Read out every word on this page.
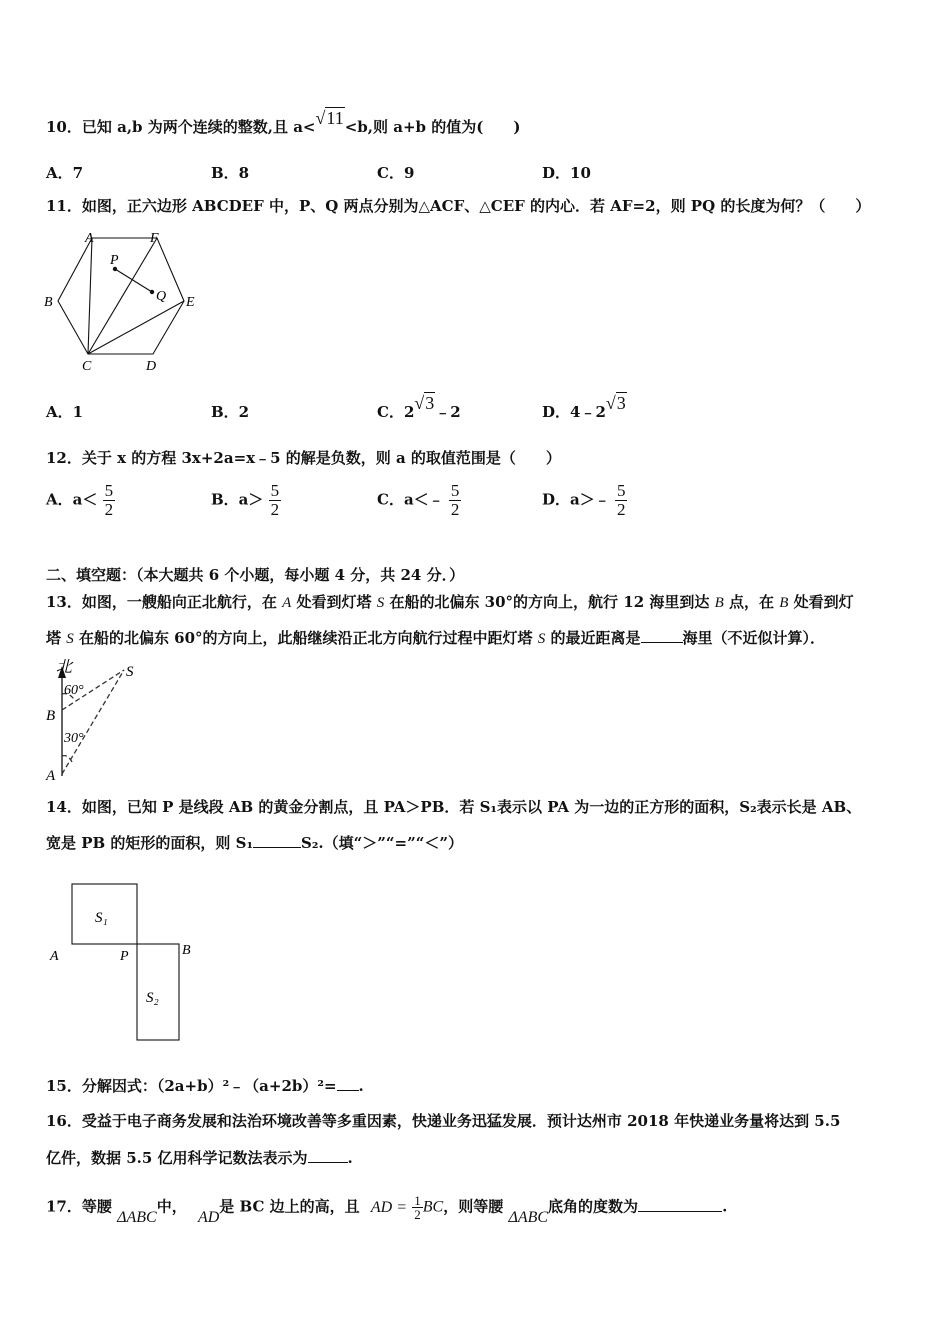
10．已知 a,b 为两个连续的整数,且 a<√11<b,则 a+b 的值为(　　)
A．7	B．8	C．9	D．10
11．如图，正六边形 ABCDEF 中，P、Q 两点分别为△ACF、△CEF 的内心．若 AF=2，则 PQ 的长度为何？（　　）
A	F
P
Q
B	E
C	D
A．1	B．2	C．2√3﹣2	D．4﹣2√3
12．关于 x 的方程 3x+2a=x﹣5 的解是负数，则 a 的取值范围是（　　）
A．$a< \frac{5}{2}$	B．$a> \frac{5}{2}$	C．a＜﹣ $\frac{5}{2}$	D．a＞﹣ $\frac{5}{2}$
二、填空题：（本大题共 6 个小题，每小题 4 分，共 24 分．）
13．如图，一艘船向正北航行，在 A 处看到灯塔 S 在船的北偏东 30°的方向上，航行 12 海里到达 B 点，在 B 处看到灯
塔 S 在船的北偏东 60°的方向上，此船继续沿正北方向航行过程中距灯塔 S 的最近距离是	海里（不近似计算）．
北
60°
S
B
30°
A
14．如图，已知 P 是线段 AB 的黄金分割点，且 PA＞PB．若 S₁表示以 PA 为一边的正方形的面积，S₂表示长是 AB、
宽是 PB 的矩形的面积，则 S₁	S₂.（填“＞”“=”“＜”）
S₁
A	P	B
S₂
15．分解因式：（2a+b）²﹣（a+2b）²= .
16．受益于电子商务发展和法治环境改善等多重因素，快递业务迅猛发展．预计达州市 2018 年快递业务量将达到 5.5
亿件，数据 5.5 亿用科学记数法表示为	.
17．等腰 ΔABC中， AD是 BC 边上的高，且 AD = $\frac{1}{2}$ BC，则等腰 ΔABC底角的度数为	.
